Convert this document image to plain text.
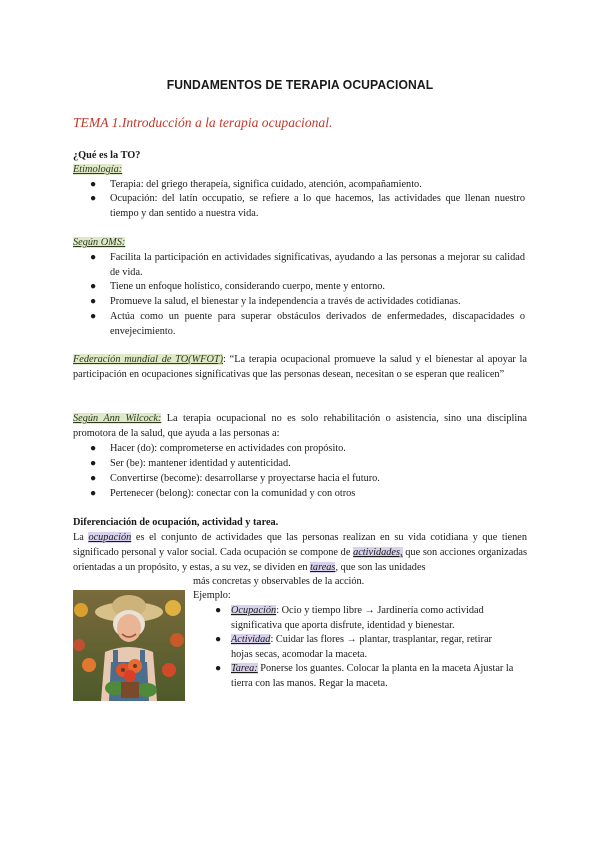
FUNDAMENTOS DE TERAPIA OCUPACIONAL
TEMA 1.Introducción a la terapia ocupacional.
¿Qué es la TO?
Etimología:
● Terapia: del griego therapeía, significa cuidado, atención, acompañamiento.
● Ocupación: del latín occupatio, se refiere a lo que hacemos, las actividades que llenan nuestro tiempo y dan sentido a nuestra vida.
Según OMS:
● Facilita la participación en actividades significativas, ayudando a las personas a mejorar su calidad de vida.
● Tiene un enfoque holístico, considerando cuerpo, mente y entorno.
● Promueve la salud, el bienestar y la independencia a través de actividades cotidianas.
● Actúa como un puente para superar obstáculos derivados de enfermedades, discapacidades o envejecimiento.
Federación mundial de TO(WFOT): “La terapia ocupacional promueve la salud y el bienestar al apoyar la participación en ocupaciones significativas que las personas desean, necesitan o se esperan que realicen”
Según Ann Wilcock: La terapia ocupacional no es solo rehabilitación o asistencia, sino una disciplina promotora de la salud, que ayuda a las personas a:
● Hacer (do): comprometerse en actividades con propósito.
● Ser (be): mantener identidad y autenticidad.
● Convertirse (become): desarrollarse y proyectarse hacia el futuro.
● Pertenecer (belong): conectar con la comunidad y con otros
Diferenciación de ocupación, actividad y tarea.
La ocupación es el conjunto de actividades que las personas realizan en su vida cotidiana y que tienen significado personal y valor social. Cada ocupación se compone de actividades, que son acciones organizadas orientadas a un propósito, y estas, a su vez, se dividen en tareas, que son las unidades
más concretas y observables de la acción.
Ejemplo:
● Ocupación: Ocio y tiempo libre → Jardinería como actividad significativa que aporta disfrute, identidad y bienestar.
● Actividad: Cuidar las flores → plantar, trasplantar, regar, retirar hojas secas, acomodar la maceta.
● Tarea: Ponerse los guantes. Colocar la planta en la maceta Ajustar la tierra con las manos. Regar la maceta.
